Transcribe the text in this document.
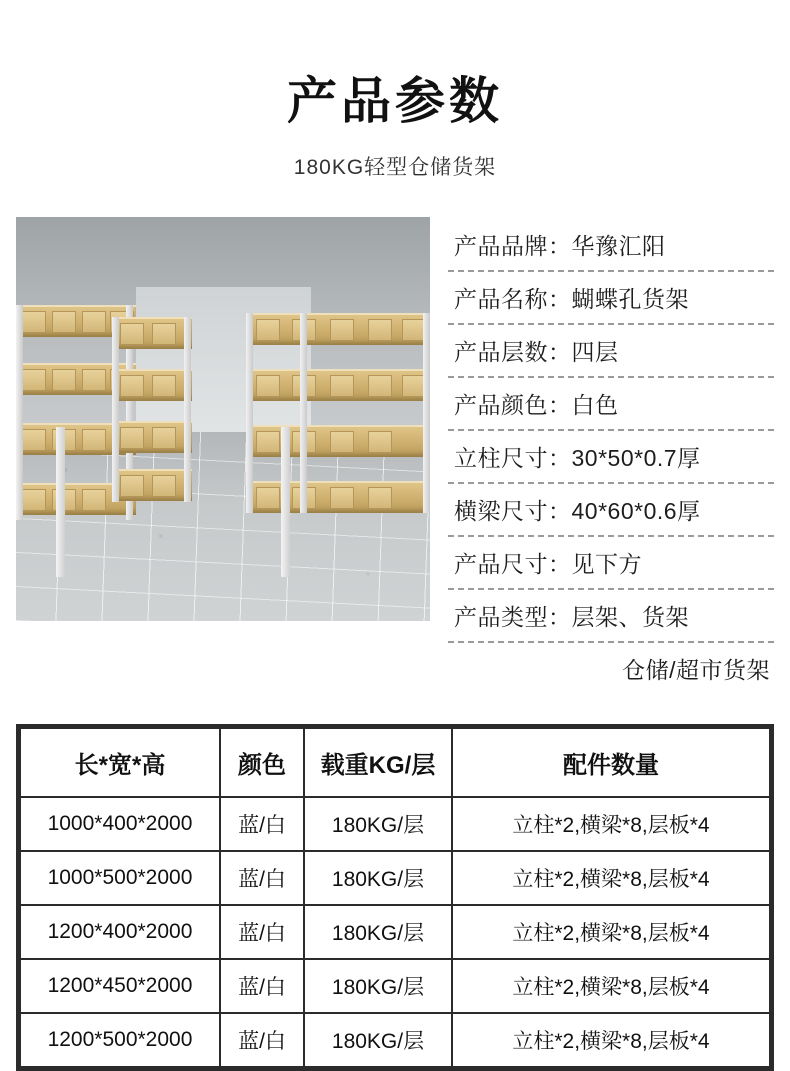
产品参数
180KG轻型仓储货架
产品品牌：华豫汇阳
产品名称：蝴蝶孔货架
产品层数：四层
产品颜色：白色
立柱尺寸：30*50*0.7厚
横梁尺寸：40*60*0.6厚
产品尺寸：见下方
产品类型：层架、货架
仓储/超市货架
长*宽*高	颜色	载重KG/层	配件数量
1000*400*2000	蓝/白	180KG/层	立柱*2,横梁*8,层板*4
1000*500*2000	蓝/白	180KG/层	立柱*2,横梁*8,层板*4
1200*400*2000	蓝/白	180KG/层	立柱*2,横梁*8,层板*4
1200*450*2000	蓝/白	180KG/层	立柱*2,横梁*8,层板*4
1200*500*2000	蓝/白	180KG/层	立柱*2,横梁*8,层板*4
